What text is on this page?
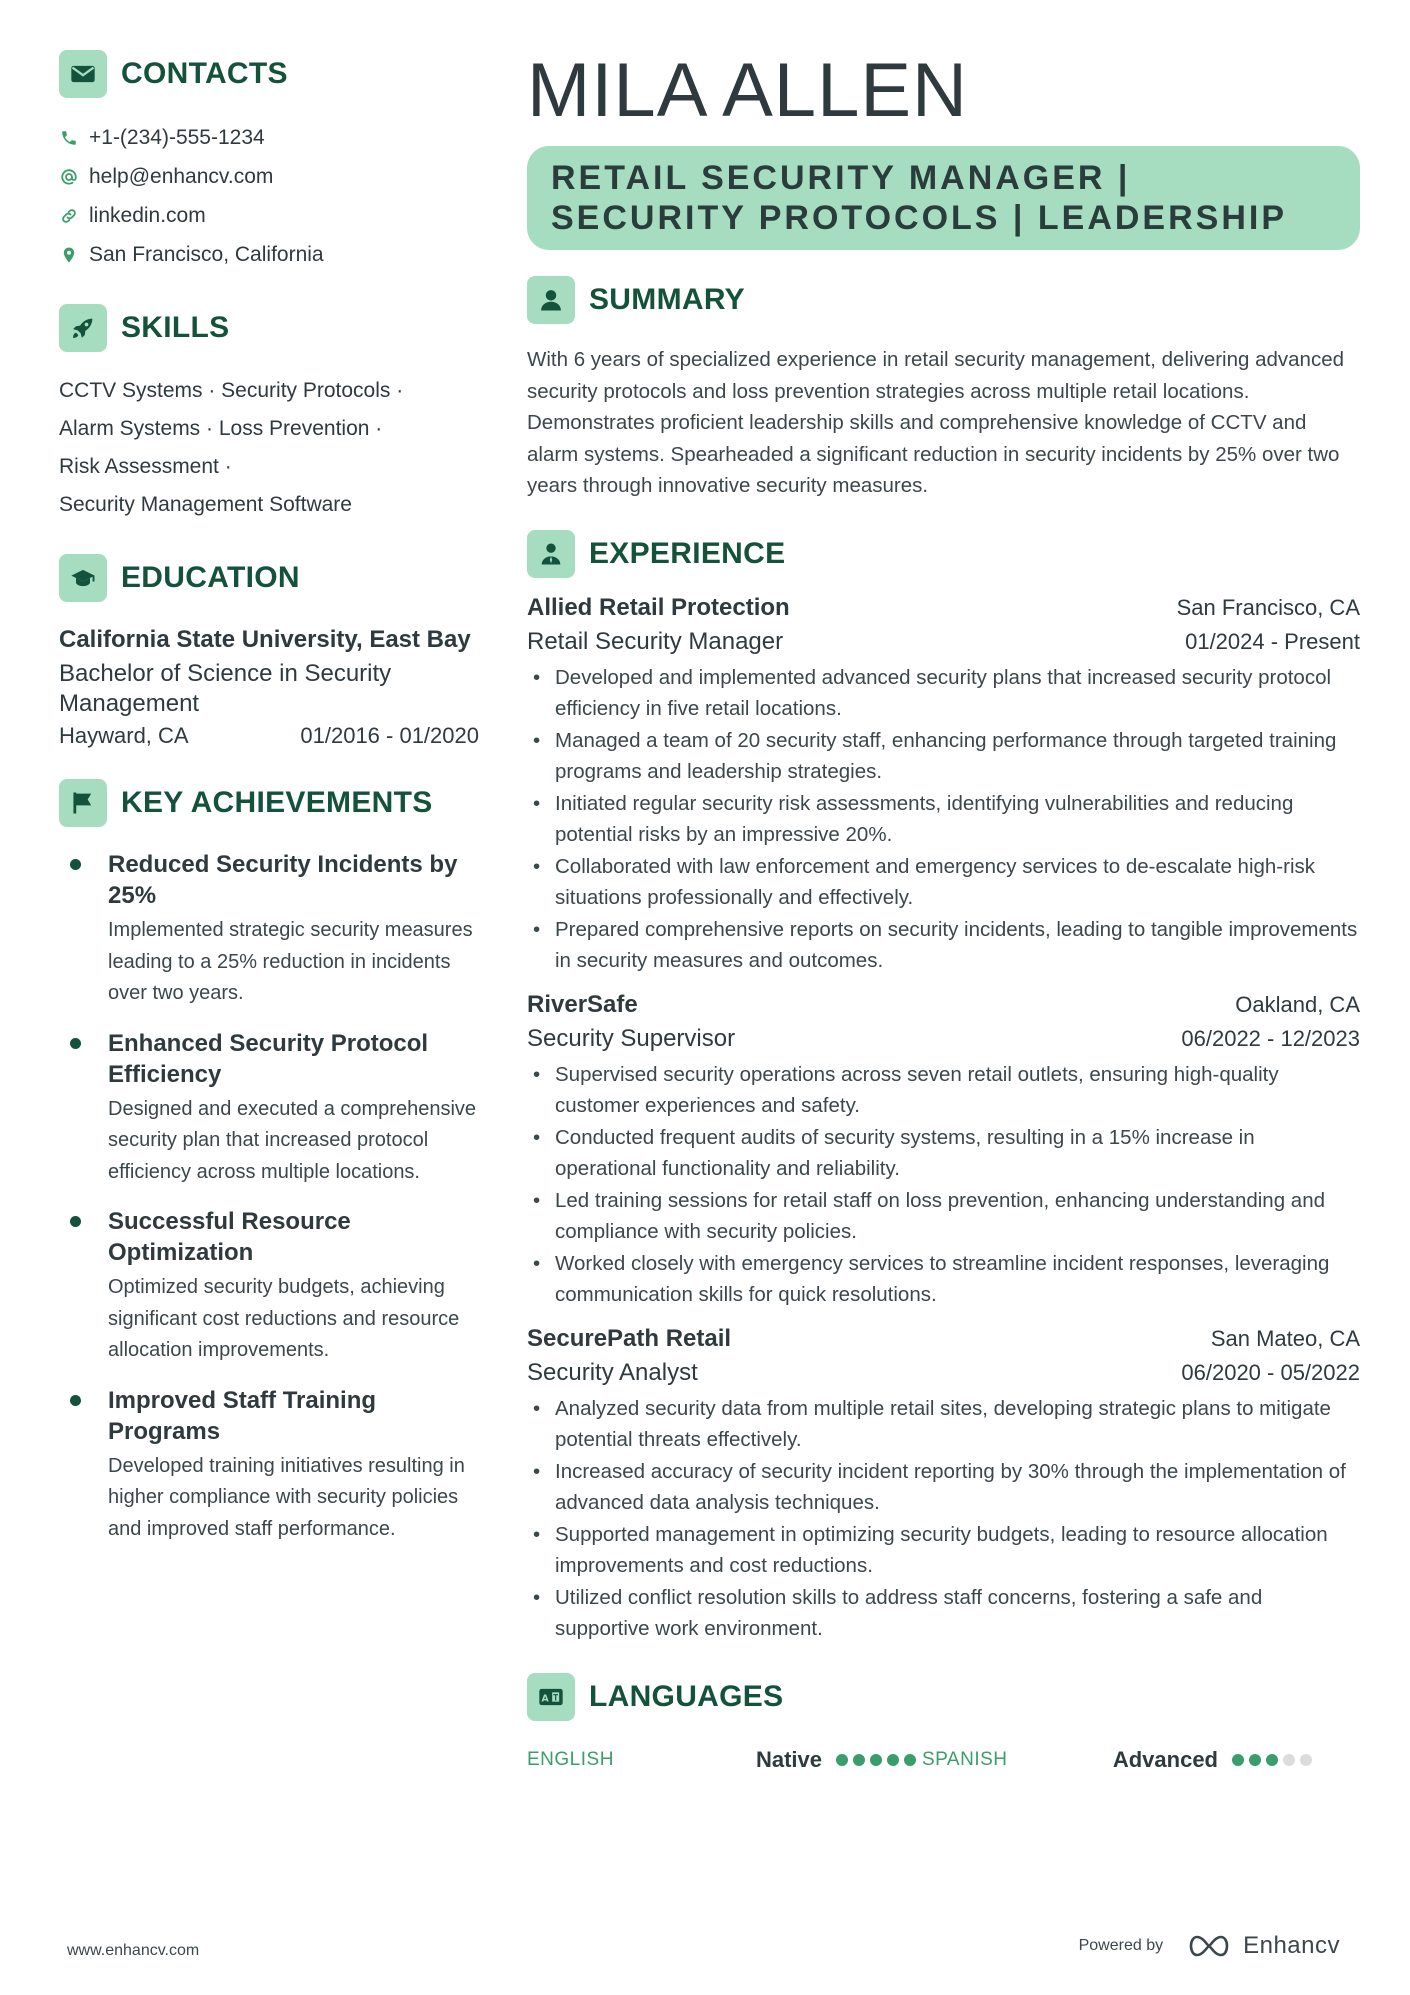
CONTACTS
+1-(234)-555-1234
help@enhancv.com
linkedin.com
San Francisco, California
SKILLS
CCTV Systems · Security Protocols ·
Alarm Systems · Loss Prevention ·
Risk Assessment ·
Security Management Software
EDUCATION
California State University, East Bay
Bachelor of Science in Security Management
Hayward, CA	01/2016 - 01/2020
KEY ACHIEVEMENTS
Reduced Security Incidents by 25%
Implemented strategic security measures leading to a 25% reduction in incidents over two years.
Enhanced Security Protocol Efficiency
Designed and executed a comprehensive security plan that increased protocol efficiency across multiple locations.
Successful Resource Optimization
Optimized security budgets, achieving significant cost reductions and resource allocation improvements.
Improved Staff Training Programs
Developed training initiatives resulting in higher compliance with security policies and improved staff performance.
MILA ALLEN
RETAIL SECURITY MANAGER | SECURITY PROTOCOLS | LEADERSHIP
SUMMARY
With 6 years of specialized experience in retail security management, delivering advanced security protocols and loss prevention strategies across multiple retail locations. Demonstrates proficient leadership skills and comprehensive knowledge of CCTV and alarm systems. Spearheaded a significant reduction in security incidents by 25% over two years through innovative security measures.
EXPERIENCE
Allied Retail Protection	San Francisco, CA
Retail Security Manager	01/2024 - Present
• Developed and implemented advanced security plans that increased security protocol efficiency in five retail locations.
• Managed a team of 20 security staff, enhancing performance through targeted training programs and leadership strategies.
• Initiated regular security risk assessments, identifying vulnerabilities and reducing potential risks by an impressive 20%.
• Collaborated with law enforcement and emergency services to de-escalate high-risk situations professionally and effectively.
• Prepared comprehensive reports on security incidents, leading to tangible improvements in security measures and outcomes.
RiverSafe	Oakland, CA
Security Supervisor	06/2022 - 12/2023
• Supervised security operations across seven retail outlets, ensuring high-quality customer experiences and safety.
• Conducted frequent audits of security systems, resulting in a 15% increase in operational functionality and reliability.
• Led training sessions for retail staff on loss prevention, enhancing understanding and compliance with security policies.
• Worked closely with emergency services to streamline incident responses, leveraging communication skills for quick resolutions.
SecurePath Retail	San Mateo, CA
Security Analyst	06/2020 - 05/2022
• Analyzed security data from multiple retail sites, developing strategic plans to mitigate potential threats effectively.
• Increased accuracy of security incident reporting by 30% through the implementation of advanced data analysis techniques.
• Supported management in optimizing security budgets, leading to resource allocation improvements and cost reductions.
• Utilized conflict resolution skills to address staff concerns, fostering a safe and supportive work environment.
A LANGUAGES
ENGLISH	Native	SPANISH	Advanced
www.enhancv.com	Powered by	Enhancv
